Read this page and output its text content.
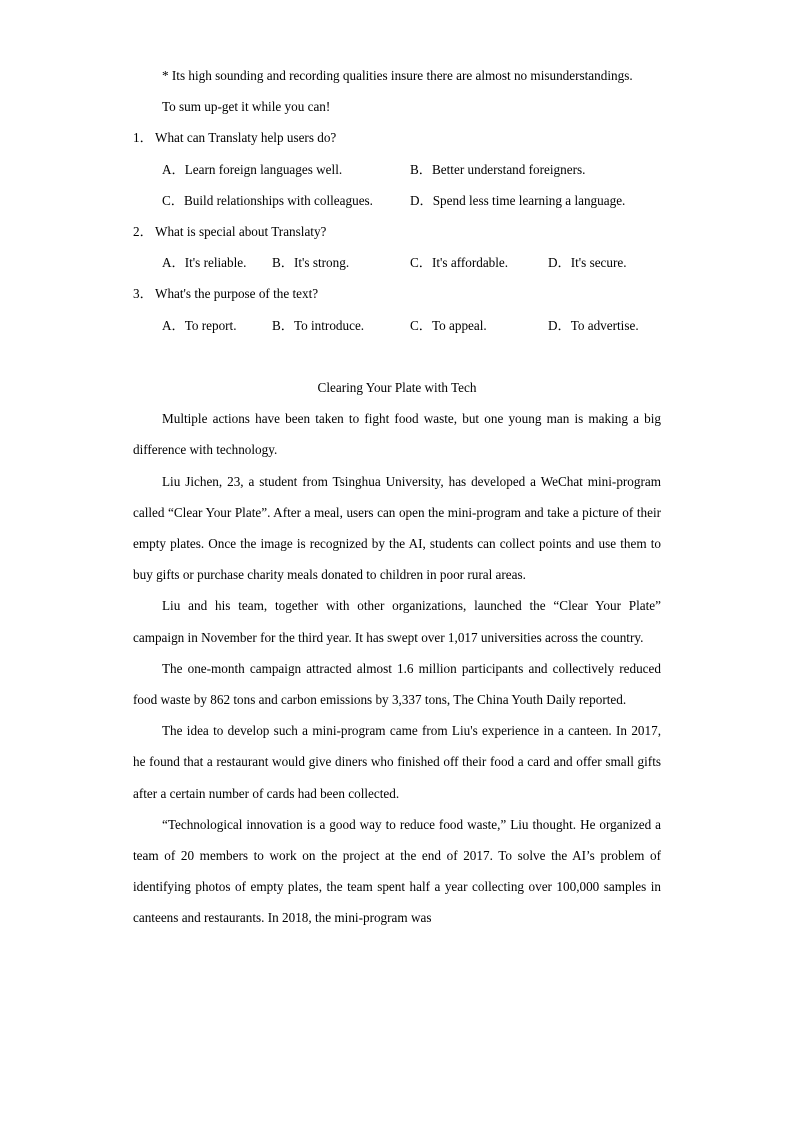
* Its high sounding and recording qualities insure there are almost no misunderstandings.

To sum up-get it while you can!

1． What can Translaty help users do?
A．Learn foreign languages well.	B．Better understand foreigners.
C．Build relationships with colleagues.	D．Spend less time learning a language.
2． What is special about Translaty?
A．It's reliable. B．It's strong.	C．It's affordable.	D．It's secure.
3． What's the purpose of the text?
A．To report.	B．To introduce.	C．To appeal.	D．To advertise.

Clearing Your Plate with Tech

Multiple actions have been taken to fight food waste, but one young man is making a big difference with technology.

Liu Jichen, 23, a student from Tsinghua University, has developed a WeChat mini-program called “Clear Your Plate”. After a meal, users can open the mini-program and take a picture of their empty plates. Once the image is recognized by the AI, students can collect points and use them to buy gifts or purchase charity meals donated to children in poor rural areas.

Liu and his team, together with other organizations, launched the “Clear Your Plate” campaign in November for the third year. It has swept over 1,017 universities across the country.

The one-month campaign attracted almost 1.6 million participants and collectively reduced food waste by 862 tons and carbon emissions by 3,337 tons, The China Youth Daily reported.

The idea to develop such a mini-program came from Liu's experience in a canteen. In 2017, he found that a restaurant would give diners who finished off their food a card and offer small gifts after a certain number of cards had been collected.

“Technological innovation is a good way to reduce food waste,” Liu thought. He organized a team of 20 members to work on the project at the end of 2017. To solve the AI’s problem of identifying photos of empty plates, the team spent half a year collecting over 100,000 samples in canteens and restaurants. In 2018, the mini-program was
